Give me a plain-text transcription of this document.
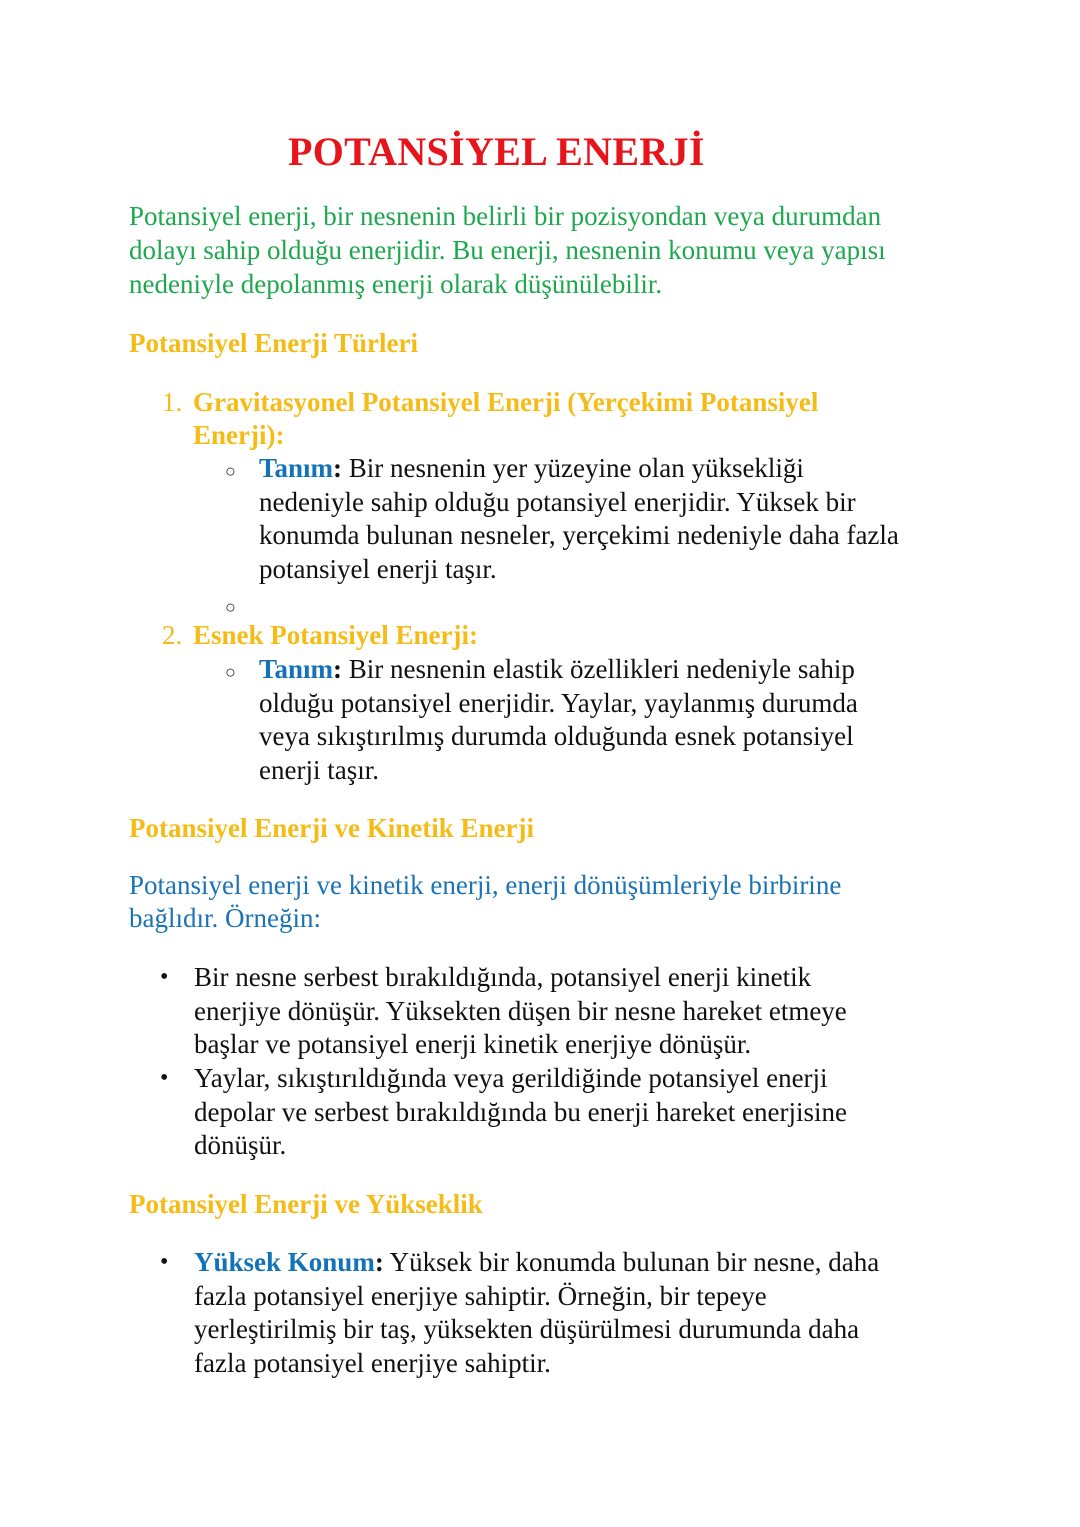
POTANSİYEL ENERJİ
Potansiyel enerji, bir nesnenin belirli bir pozisyondan veya durumdan
dolayı sahip olduğu enerjidir. Bu enerji, nesnenin konumu veya yapısı
nedeniyle depolanmış enerji olarak düşünülebilir.
Potansiyel Enerji Türleri
1. Gravitasyonel Potansiyel Enerji (Yerçekimi Potansiyel
Enerji):
○ Tanım: Bir nesnenin yer yüzeyine olan yüksekliği
nedeniyle sahip olduğu potansiyel enerjidir. Yüksek bir
konumda bulunan nesneler, yerçekimi nedeniyle daha fazla
potansiyel enerji taşır.
○
2. Esnek Potansiyel Enerji:
○ Tanım: Bir nesnenin elastik özellikleri nedeniyle sahip
olduğu potansiyel enerjidir. Yaylar, yaylanmış durumda
veya sıkıştırılmış durumda olduğunda esnek potansiyel
enerji taşır.
Potansiyel Enerji ve Kinetik Enerji
Potansiyel enerji ve kinetik enerji, enerji dönüşümleriyle birbirine
bağlıdır. Örneğin:
• Bir nesne serbest bırakıldığında, potansiyel enerji kinetik
enerjiye dönüşür. Yüksekten düşen bir nesne hareket etmeye
başlar ve potansiyel enerji kinetik enerjiye dönüşür.
• Yaylar, sıkıştırıldığında veya gerildiğinde potansiyel enerji
depolar ve serbest bırakıldığında bu enerji hareket enerjisine
dönüşür.
Potansiyel Enerji ve Yükseklik
• Yüksek Konum: Yüksek bir konumda bulunan bir nesne, daha
fazla potansiyel enerjiye sahiptir. Örneğin, bir tepeye
yerleştirilmiş bir taş, yüksekten düşürülmesi durumunda daha
fazla potansiyel enerjiye sahiptir.
